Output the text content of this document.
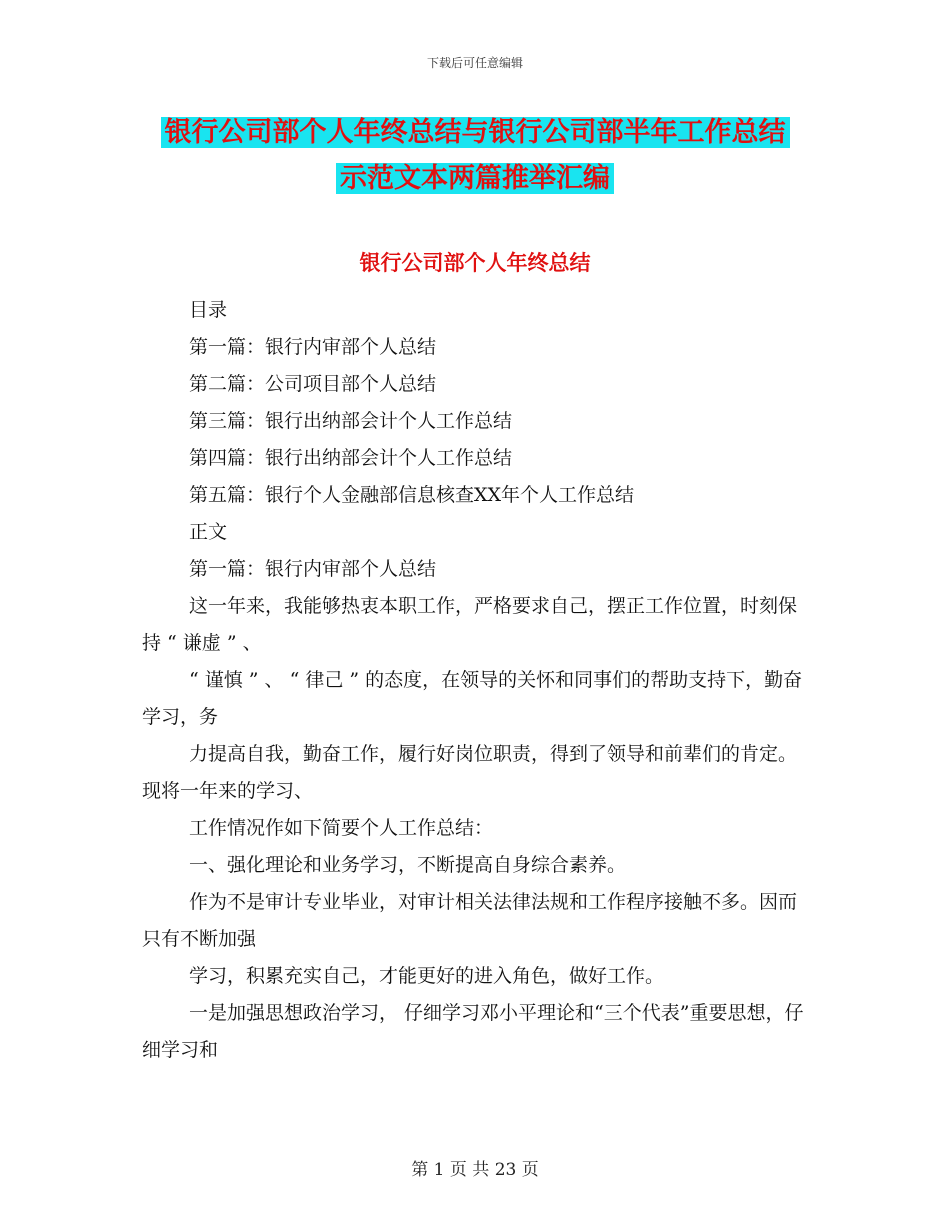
下载后可任意编辑
银行公司部个人年终总结与银行公司部半年工作总结
示范文本两篇推举汇编
银行公司部个人年终总结

目录

第一篇：银行内审部个人总结

第二篇：公司项目部个人总结

第三篇：银行出纳部会计个人工作总结

第四篇：银行出纳部会计个人工作总结

第五篇：银行个人金融部信息核查XX年个人工作总结

正文

第一篇：银行内审部个人总结

这一年来，我能够热衷本职工作，严格要求自己，摆正工作位置，时刻保持 “ 谦虚 ” 、

“ 谨慎 ” 、 “ 律己 ” 的态度，在领导的关怀和同事们的帮助支持下，勤奋学习，务

力提高自我，勤奋工作，履行好岗位职责，得到了领导和前辈们的肯定。现将一年来的学习、

工作情况作如下简要个人工作总结：

一、强化理论和业务学习，不断提高自身综合素养。

作为不是审计专业毕业，对审计相关法律法规和工作程序接触不多。因而只有不断加强

学习，积累充实自己，才能更好的进入角色，做好工作。

一是加强思想政治学习， 仔细学习邓小平理论和“三个代表”重要思想，仔细学习和

第 1 页 共 23 页
